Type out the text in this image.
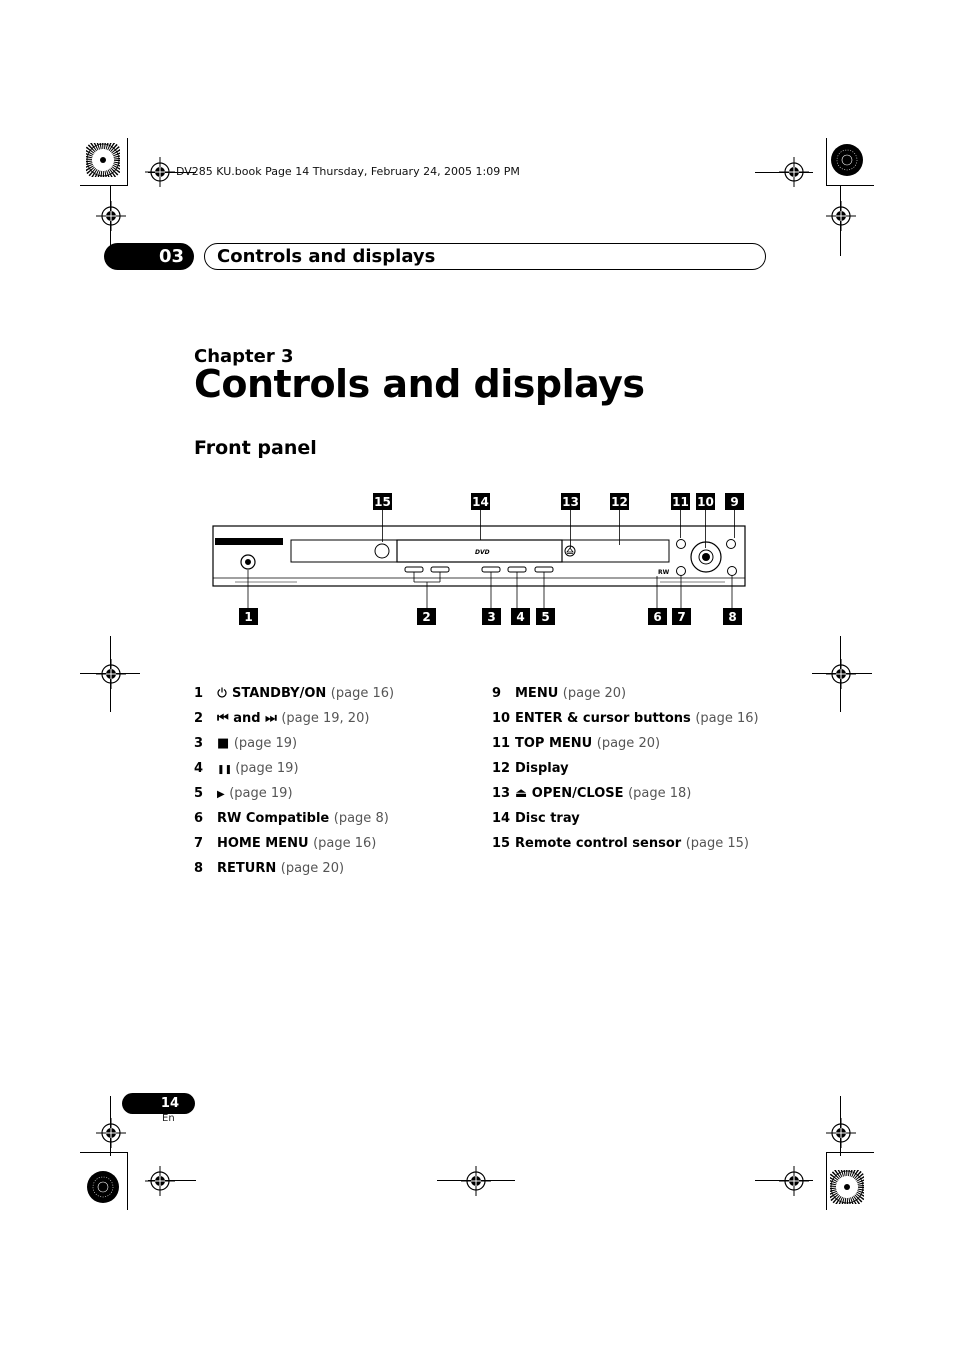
DV285 KU.book Page 14 Thursday, February 24, 2005 1:09 PM
03	Controls and displays
Chapter 3
Controls and displays
Front panel
15	14	13	12	11 10 9
DVD
RW
1	2	3 4 5	6 7	8
1	STANDBY/ON (page 16)
2 ⏮ and ⏭ (page 19, 20)
3 ■ (page 19)
4 ❚❚ (page 19)
5 ▶ (page 19)
6 RW Compatible (page 8)
7 HOME MENU (page 16)
8 RETURN (page 20)
9 MENU (page 20)
10 ENTER & cursor buttons (page 16)
11 TOP MENU (page 20)
12 Display
13 ⏏ OPEN/CLOSE (page 18)
14 Disc tray
15 Remote control sensor (page 15)
14
En
